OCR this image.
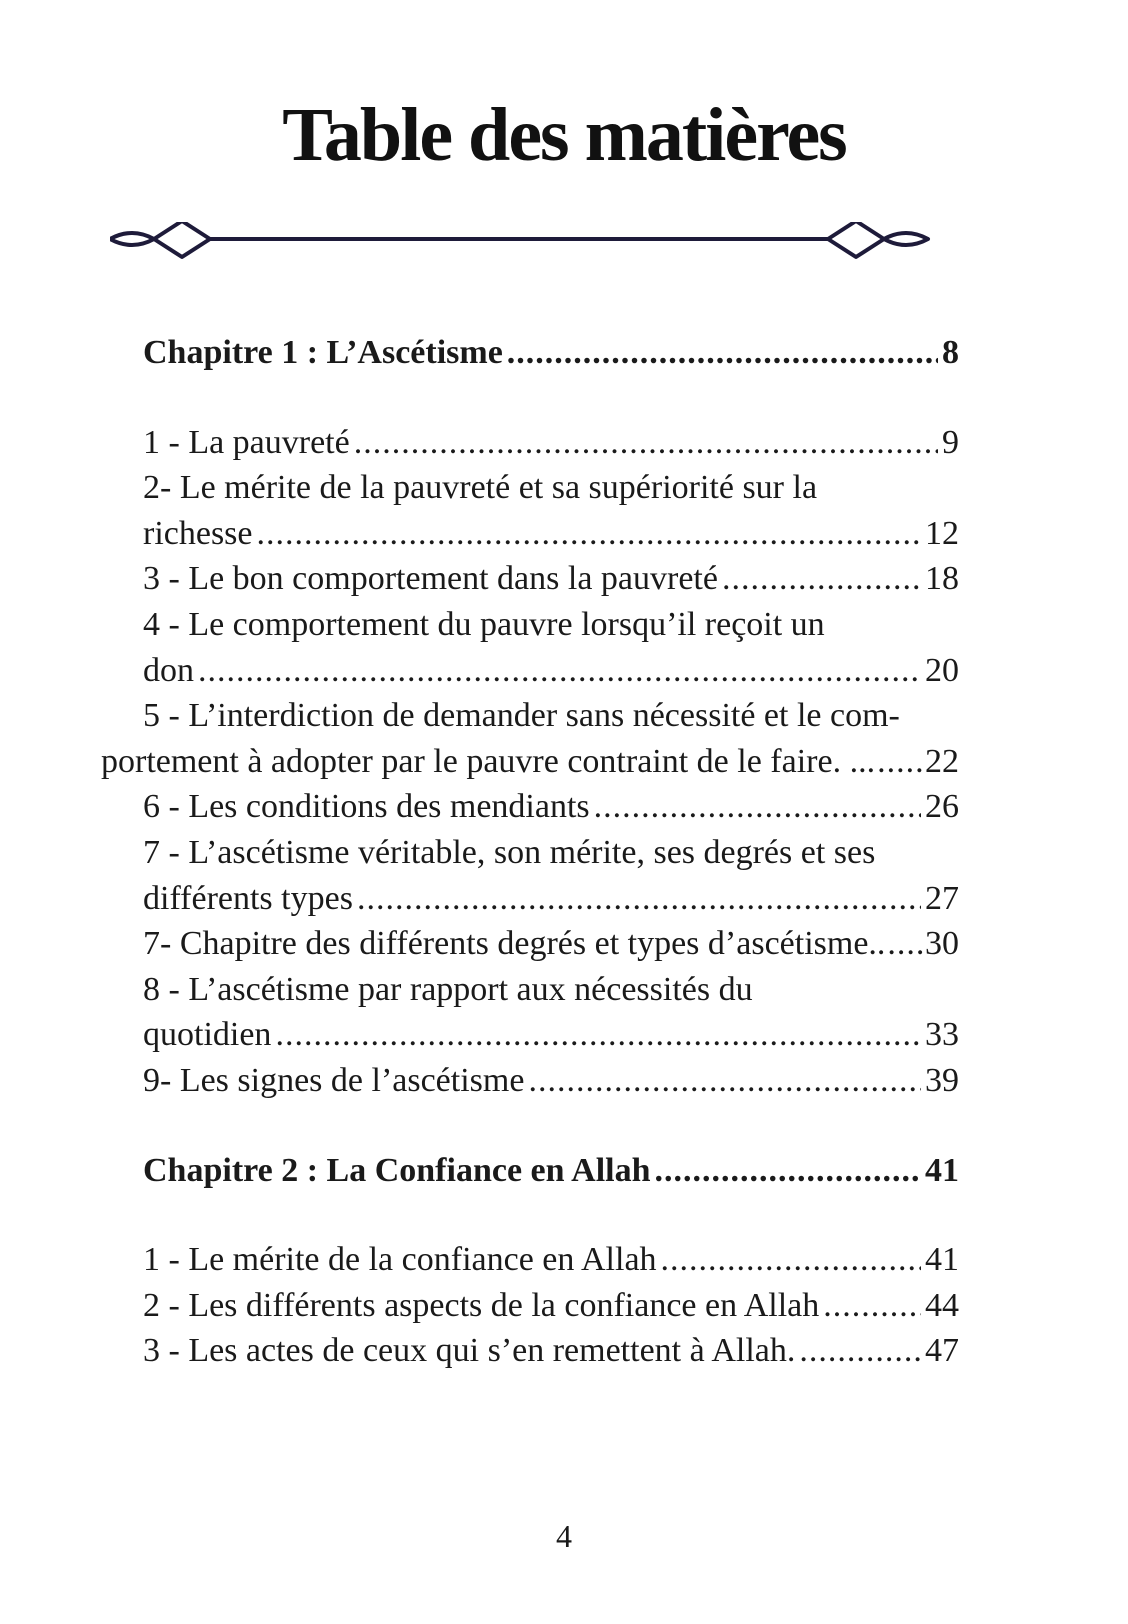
Table des matières
Chapitre 1 : L’Ascétisme .....	8
1 - La pauvreté .....	9
2- Le mérite de la pauvreté et sa supériorité sur la
richesse .....	12
3 - Le bon comportement dans la pauvreté .....	18
4 - Le comportement du pauvre lorsqu’il reçoit un
don .....	20
5 - L’interdiction de demander sans nécessité et le com-
portement à adopter par le pauvre contraint de le faire. ... ..... 22
6 - Les conditions des mendiants .....	26
7 - L’ascétisme véritable, son mérite, ses degrés et ses
différents types .....	27
7- Chapitre des différents degrés et types d’ascétisme.. ..... 30
8 - L’ascétisme par rapport aux nécessités du
quotidien .....	33
9- Les signes de l’ascétisme .....	39
Chapitre 2 : La Confiance en Allah .....	41
1 - Le mérite de la confiance en Allah .....	41
2 - Les différents aspects de la confiance en Allah .....	44
3 - Les actes de ceux qui s’en remettent à Allah. .....	47
4
